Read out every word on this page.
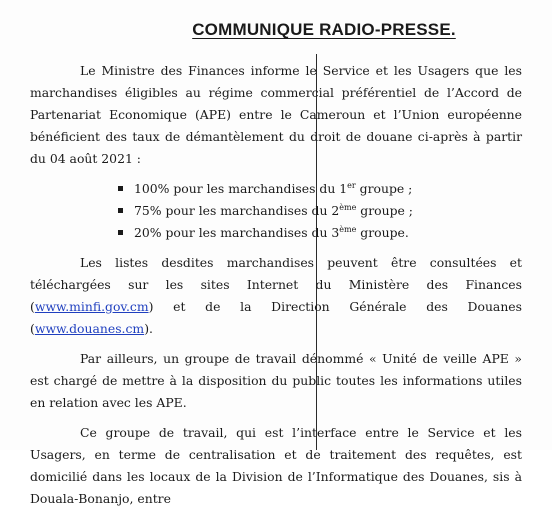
COMMUNIQUE RADIO-PRESSE.

Le Ministre des Finances informe le Service et les Usagers que les marchandises éligibles au régime commercial préférentiel de l’Accord de Partenariat Economique (APE) entre le Cameroun et l’Union européenne bénéficient des taux de démantèlement du droit de douane ci-après à partir du 04 août 2021 :

100% pour les marchandises du 1er groupe ;
75% pour les marchandises du 2ème groupe ;
20% pour les marchandises du 3ème groupe.

Les listes desdites marchandises peuvent être consultées et téléchargées sur les sites Internet du Ministère des Finances (www.minfi.gov.cm) et de la Direction Générale des Douanes (www.douanes.cm).

Par ailleurs, un groupe de travail dénommé « Unité de veille APE » est chargé de mettre à la disposition du public toutes les informations utiles en relation avec les APE.

Ce groupe de travail, qui est l’interface entre le Service et les Usagers, en terme de centralisation et de traitement des requêtes, est domicilié dans les locaux de la Division de l’Informatique des Douanes, sis à Douala-Bonanjo, entre
